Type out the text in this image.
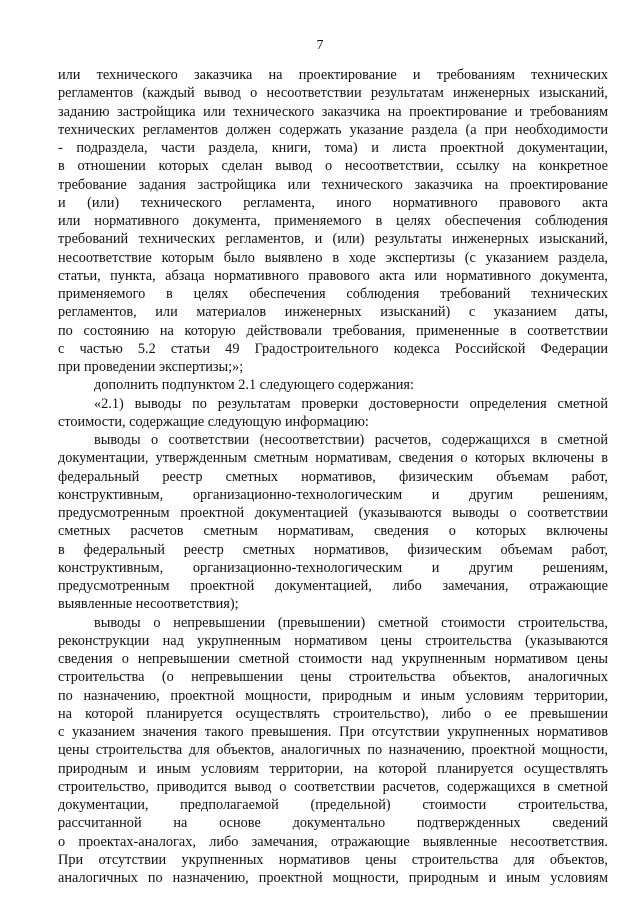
7
или технического заказчика на проектирование и требованиям технических
регламентов (каждый вывод о несоответствии результатам инженерных изысканий,
заданию застройщика или технического заказчика на проектирование и требованиям
технических регламентов должен содержать указание раздела (а при необходимости
- подраздела, части раздела, книги, тома) и листа проектной документации,
в отношении которых сделан вывод о несоответствии, ссылку на конкретное
требование задания застройщика или технического заказчика на проектирование
и (или) технического регламента, иного нормативного правового акта
или нормативного документа, применяемого в целях обеспечения соблюдения
требований технических регламентов, и (или) результаты инженерных изысканий,
несоответствие которым было выявлено в ходе экспертизы (с указанием раздела,
статьи, пункта, абзаца нормативного правового акта или нормативного документа,
применяемого в целях обеспечения соблюдения требований технических
регламентов, или материалов инженерных изысканий) с указанием даты,
по состоянию на которую действовали требования, примененные в соответствии
с частью 5.2 статьи 49 Градостроительного кодекса Российской Федерации
при проведении экспертизы;»;
дополнить подпунктом 2.1 следующего содержания:
«2.1) выводы по результатам проверки достоверности определения сметной
стоимости, содержащие следующую информацию:
выводы о соответствии (несоответствии) расчетов, содержащихся в сметной
документации, утвержденным сметным нормативам, сведения о которых включены в
федеральный реестр сметных нормативов, физическим объемам работ,
конструктивным, организационно-технологическим и другим решениям,
предусмотренным проектной документацией (указываются выводы о соответствии
сметных расчетов сметным нормативам, сведения о которых включены
в федеральный реестр сметных нормативов, физическим объемам работ,
конструктивным, организационно-технологическим и другим решениям,
предусмотренным проектной документацией, либо замечания, отражающие
выявленные несоответствия);
выводы о непревышении (превышении) сметной стоимости строительства,
реконструкции над укрупненным нормативом цены строительства (указываются
сведения о непревышении сметной стоимости над укрупненным нормативом цены
строительства (о непревышении цены строительства объектов, аналогичных
по назначению, проектной мощности, природным и иным условиям территории,
на которой планируется осуществлять строительство), либо о ее превышении
с указанием значения такого превышения. При отсутствии укрупненных нормативов
цены строительства для объектов, аналогичных по назначению, проектной мощности,
природным и иным условиям территории, на которой планируется осуществлять
строительство, приводится вывод о соответствии расчетов, содержащихся в сметной
документации, предполагаемой (предельной) стоимости строительства,
рассчитанной на основе документально подтвержденных сведений
о проектах-аналогах, либо замечания, отражающие выявленные несоответствия.
При отсутствии укрупненных нормативов цены строительства для объектов,
аналогичных по назначению, проектной мощности, природным и иным условиям
